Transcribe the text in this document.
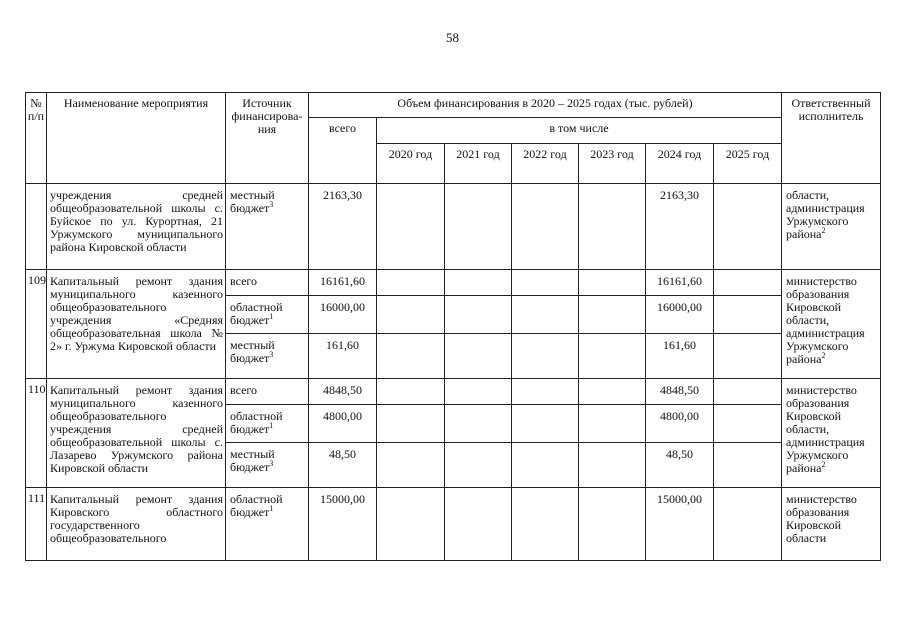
58
№ п/п	Наименование мероприятия	Источник финансирова-ния	Объем финансирования в 2020 – 2025 годах (тыс. рублей)							Ответственный исполнитель
			всего	в том числе						
				2020 год	2021 год	2022 год	2023 год	2024 год	2025 год	
	учреждения средней общеобразовательной школы с. Буйское по ул. Курортная, 21 Уржумского муниципального района Кировской области	местный бюджет$^3$	2163,30					2163,30		области, администрация Уржумского района$^2$
109	Капитальный ремонт здания муниципального казенного общеобразовательного учреждения «Средняя общеобразовательная школа № 2» г. Уржума Кировской области	всего	16161,60					16161,60		министерство образования Кировской области, администрация Уржумского района$^2$
		областной бюджет$^1$	16000,00					16000,00		
		местный бюджет$^3$	161,60					161,60		
110	Капитальный ремонт здания муниципального казенного общеобразовательного учреждения средней общеобразовательной школы с. Лазарево Уржумского района Кировской области	всего	4848,50					4848,50		министерство образования Кировской области, администрация Уржумского района$^2$
		областной бюджет$^1$	4800,00					4800,00		
		местный бюджет$^3$	48,50					48,50		
111	Капитальный ремонт здания Кировского областного государственного общеобразовательного	областной бюджет$^1$	15000,00					15000,00		министерство образования Кировской области
